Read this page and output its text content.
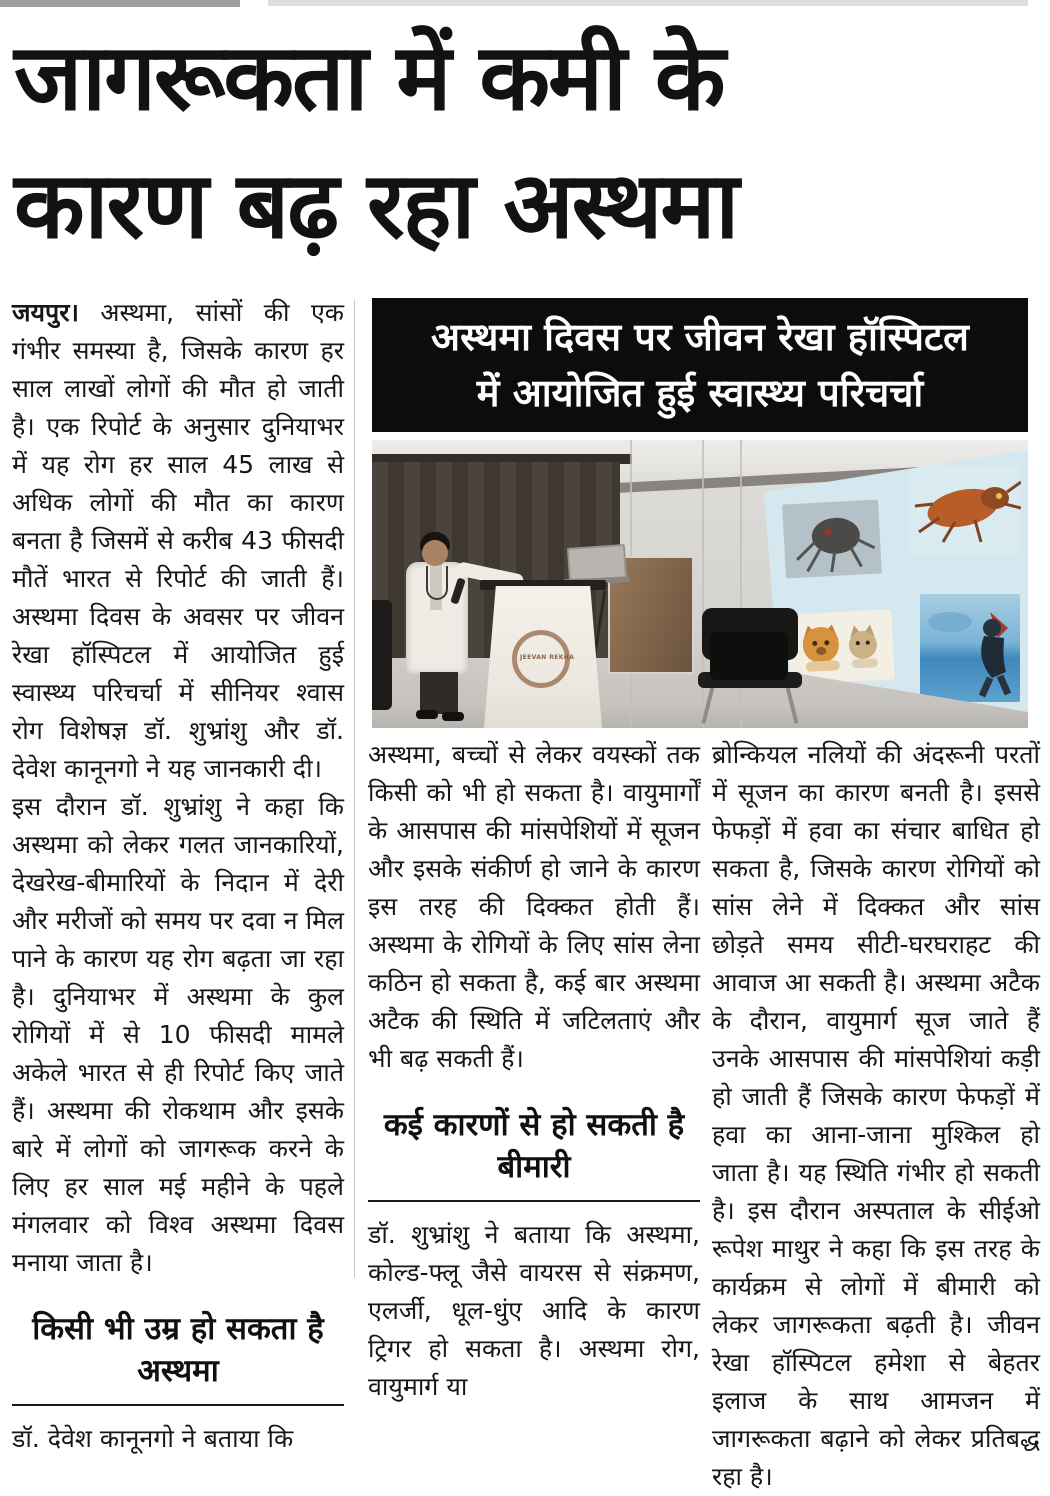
जागरूकता में कमी के
कारण बढ़ रहा अस्थमा
अस्थमा दिवस पर जीवन रेखा हॉस्पिटल
में आयोजित हुई स्वास्थ्य परिचर्चा
JEEVAN REKHA

जयपुर। अस्थमा, सांसों की एक गंभीर समस्या है, जिसके कारण हर साल लाखों लोगों की मौत हो जाती है। एक रिपोर्ट के अनुसार दुनियाभर में यह रोग हर साल 45 लाख से अधिक लोगों की मौत का कारण बनता है जिसमें से करीब 43 फीसदी मौतें भारत से रिपोर्ट की जाती हैं। अस्थमा दिवस के अवसर पर जीवन रेखा हॉस्पिटल में आयोजित हुई स्वास्थ्य परिचर्चा में सीनियर श्वास रोग विशेषज्ञ डॉ. शुभ्रांशु और डॉ. देवेश कानूनगो ने यह जानकारी दी।

इस दौरान डॉ. शुभ्रांशु ने कहा कि अस्थमा को लेकर गलत जानकारियों, देखरेख-बीमारियों के निदान में देरी और मरीजों को समय पर दवा न मिल पाने के कारण यह रोग बढ़ता जा रहा है। दुनियाभर में अस्थमा के कुल रोगियों में से 10 फीसदी मामले अकेले भारत से ही रिपोर्ट किए जाते हैं। अस्थमा की रोकथाम और इसके बारे में लोगों को जागरूक करने के लिए हर साल मई महीने के पहले मंगलवार को विश्व अस्थमा दिवस मनाया जाता है।

किसी भी उम्र हो सकता है अस्थमा

डॉ. देवेश कानूनगो ने बताया कि

अस्थमा, बच्चों से लेकर वयस्कों तक किसी को भी हो सकता है। वायुमार्गों के आसपास की मांसपेशियों में सूजन और इसके संकीर्ण हो जाने के कारण इस तरह की दिक्कत होती हैं। अस्थमा के रोगियों के लिए सांस लेना कठिन हो सकता है, कई बार अस्थमा अटैक की स्थिति में जटिलताएं और भी बढ़ सकती हैं।

कई कारणों से हो सकती है बीमारी

डॉ. शुभ्रांशु ने बताया कि अस्थमा, कोल्ड-फ्लू जैसे वायरस से संक्रमण, एलर्जी, धूल-धुंए आदि के कारण ट्रिगर हो सकता है। अस्थमा रोग, वायुमार्ग या

ब्रोन्कियल नलियों की अंदरूनी परतों में सूजन का कारण बनती है। इससे फेफड़ों में हवा का संचार बाधित हो सकता है, जिसके कारण रोगियों को सांस लेने में दिक्कत और सांस छोड़ते समय सीटी-घरघराहट की आवाज आ सकती है। अस्थमा अटैक के दौरान, वायुमार्ग सूज जाते हैं उनके आसपास की मांसपेशियां कड़ी हो जाती हैं जिसके कारण फेफड़ों में हवा का आना-जाना मुश्किल हो जाता है। यह स्थिति गंभीर हो सकती है। इस दौरान अस्पताल के सीईओ रूपेश माथुर ने कहा कि इस तरह के कार्यक्रम से लोगों में बीमारी को लेकर जागरूकता बढ़ती है। जीवन रेखा हॉस्पिटल हमेशा से बेहतर इलाज के साथ आमजन में जागरूकता बढ़ाने को लेकर प्रतिबद्ध रहा है।
